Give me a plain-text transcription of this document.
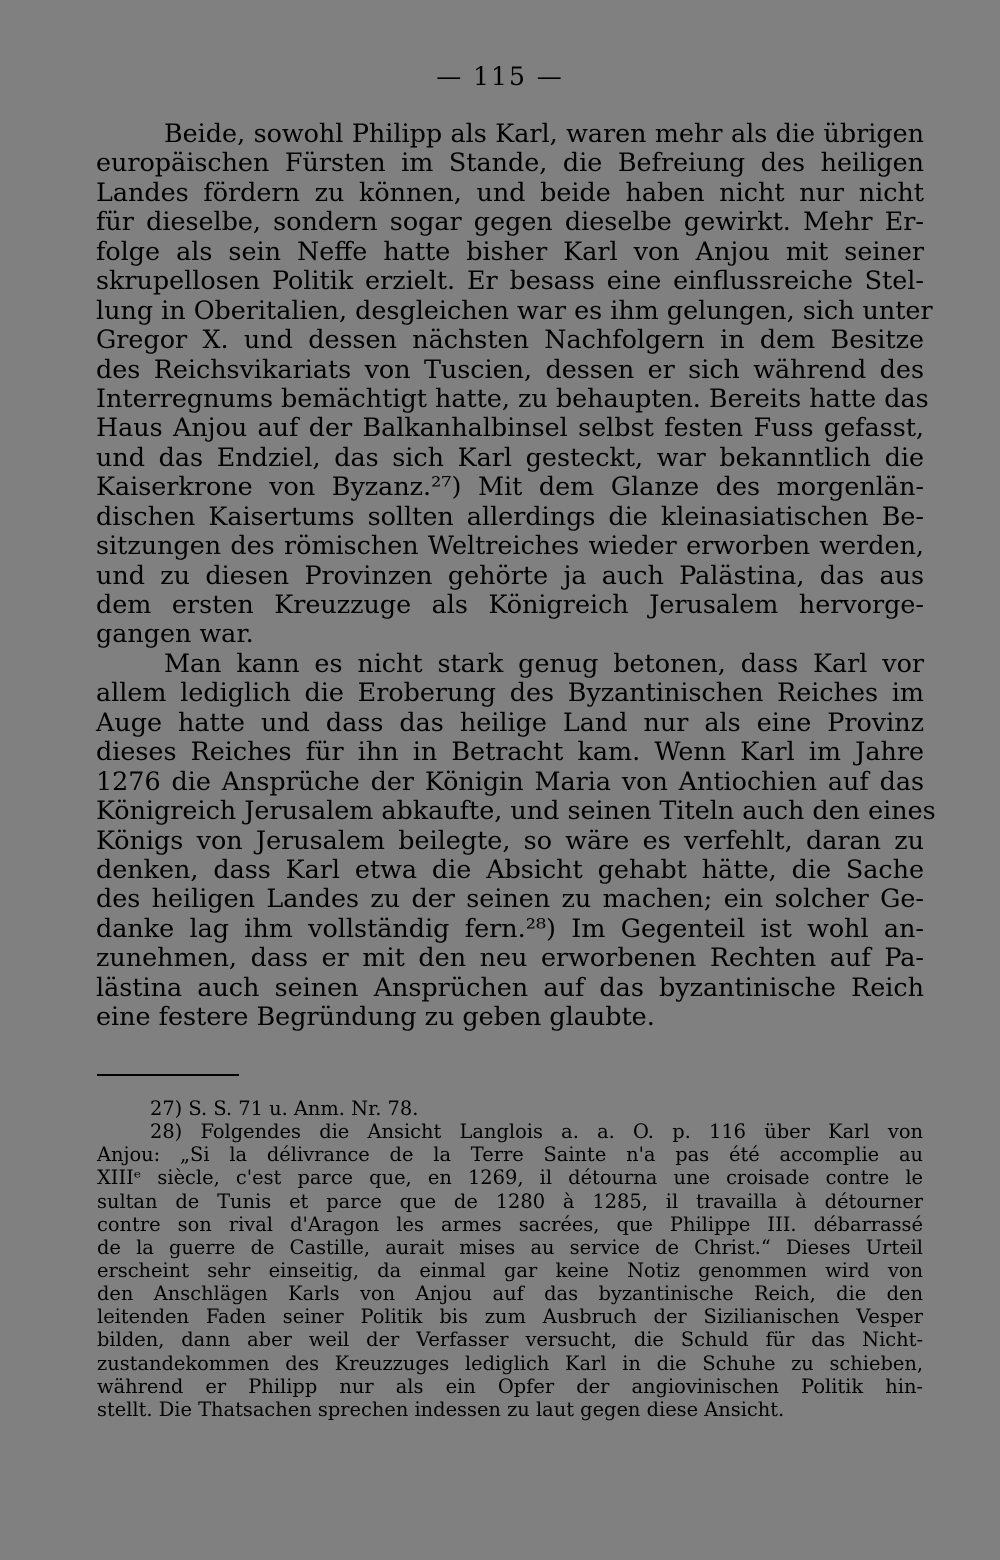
— 115 —
Beide, sowohl Philipp als Karl, waren mehr als die übrigen
europäischen Fürsten im Stande, die Befreiung des heiligen
Landes fördern zu können, und beide haben nicht nur nicht
für dieselbe, sondern sogar gegen dieselbe gewirkt. Mehr Er-
folge als sein Neffe hatte bisher Karl von Anjou mit seiner
skrupellosen Politik erzielt. Er besass eine einflussreiche Stel-
lung in Oberitalien, desgleichen war es ihm gelungen, sich unter
Gregor X. und dessen nächsten Nachfolgern in dem Besitze
des Reichsvikariats von Tuscien, dessen er sich während des
Interregnums bemächtigt hatte, zu behaupten. Bereits hatte das
Haus Anjou auf der Balkanhalbinsel selbst festen Fuss gefasst,
und das Endziel, das sich Karl gesteckt, war bekanntlich die
Kaiserkrone von Byzanz.²⁷) Mit dem Glanze des morgenlän-
dischen Kaisertums sollten allerdings die kleinasiatischen Be-
sitzungen des römischen Weltreiches wieder erworben werden,
und zu diesen Provinzen gehörte ja auch Palästina, das aus
dem ersten Kreuzzuge als Königreich Jerusalem hervorge-
gangen war.
Man kann es nicht stark genug betonen, dass Karl vor
allem lediglich die Eroberung des Byzantinischen Reiches im
Auge hatte und dass das heilige Land nur als eine Provinz
dieses Reiches für ihn in Betracht kam. Wenn Karl im Jahre
1276 die Ansprüche der Königin Maria von Antiochien auf das
Königreich Jerusalem abkaufte, und seinen Titeln auch den eines
Königs von Jerusalem beilegte, so wäre es verfehlt, daran zu
denken, dass Karl etwa die Absicht gehabt hätte, die Sache
des heiligen Landes zu der seinen zu machen; ein solcher Ge-
danke lag ihm vollständig fern.²⁸) Im Gegenteil ist wohl an-
zunehmen, dass er mit den neu erworbenen Rechten auf Pa-
lästina auch seinen Ansprüchen auf das byzantinische Reich
eine festere Begründung zu geben glaubte.
27) S. S. 71 u. Anm. Nr. 78.
28) Folgendes die Ansicht Langlois a. a. O. p. 116 über Karl von
Anjou: „Si la délivrance de la Terre Sainte n'a pas été accomplie au
XIIIᵉ siècle, c'est parce que, en 1269, il détourna une croisade contre le
sultan de Tunis et parce que de 1280 à 1285, il travailla à détourner
contre son rival d'Aragon les armes sacrées, que Philippe III. débarrassé
de la guerre de Castille, aurait mises au service de Christ.“ Dieses Urteil
erscheint sehr einseitig, da einmal gar keine Notiz genommen wird von
den Anschlägen Karls von Anjou auf das byzantinische Reich, die den
leitenden Faden seiner Politik bis zum Ausbruch der Sizilianischen Vesper
bilden, dann aber weil der Verfasser versucht, die Schuld für das Nicht-
zustandekommen des Kreuzzuges lediglich Karl in die Schuhe zu schieben,
während er Philipp nur als ein Opfer der angiovinischen Politik hin-
stellt. Die Thatsachen sprechen indessen zu laut gegen diese Ansicht.
